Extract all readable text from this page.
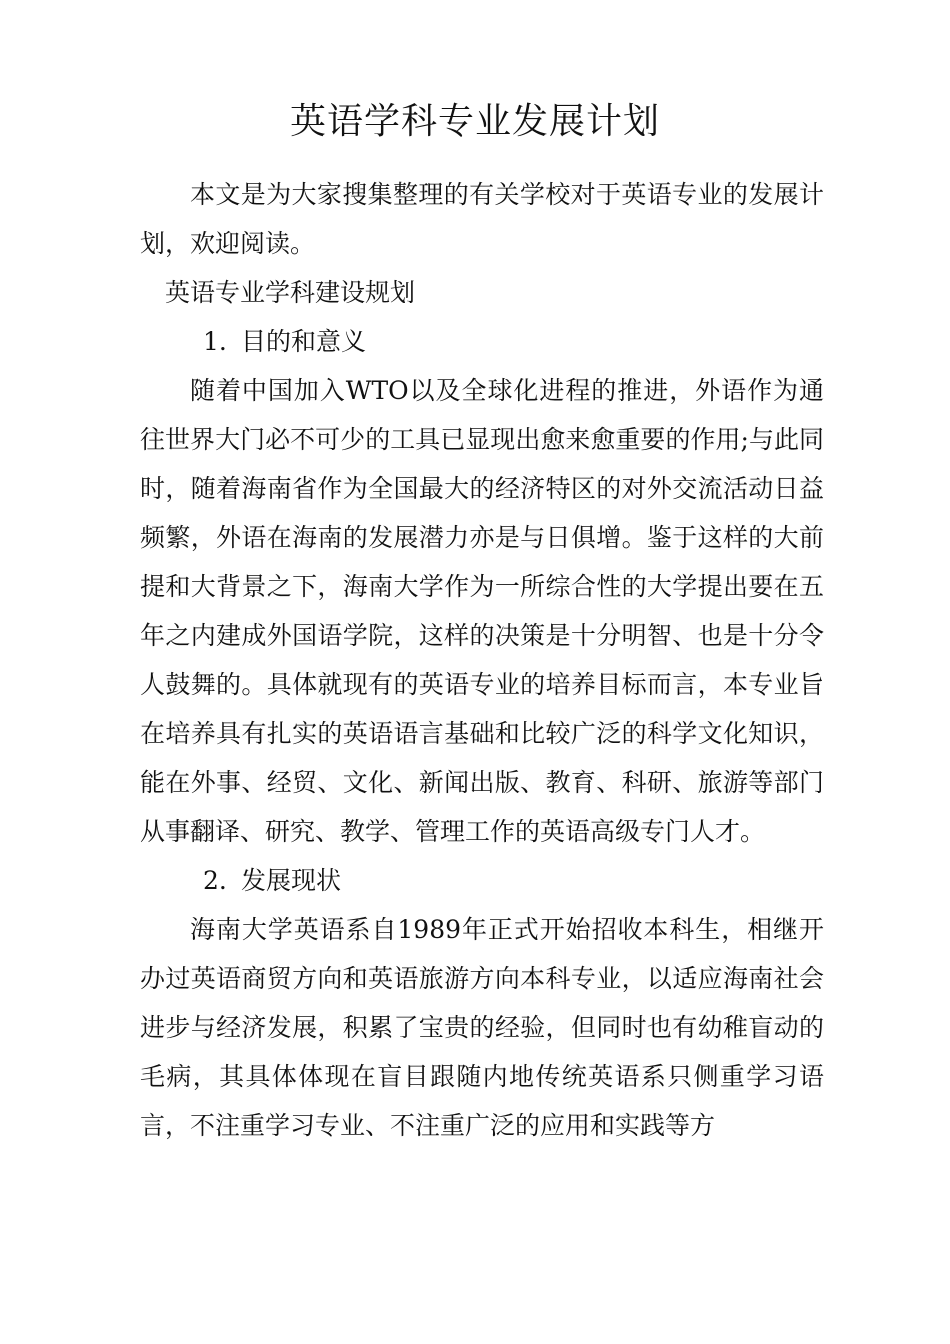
英语学科专业发展计划

本文是为大家搜集整理的有关学校对于英语专业的发展计划，欢迎阅读。

英语专业学科建设规划

1. 目的和意义

随着中国加入WTO以及全球化进程的推进，外语作为通往世界大门必不可少的工具已显现出愈来愈重要的作用;与此同时，随着海南省作为全国最大的经济特区的对外交流活动日益频繁，外语在海南的发展潜力亦是与日俱增。鉴于这样的大前提和大背景之下，海南大学作为一所综合性的大学提出要在五年之内建成外国语学院，这样的决策是十分明智、也是十分令人鼓舞的。具体就现有的英语专业的培养目标而言，本专业旨在培养具有扎实的英语语言基础和比较广泛的科学文化知识，能在外事、经贸、文化、新闻出版、教育、科研、旅游等部门从事翻译、研究、教学、管理工作的英语高级专门人才。

2. 发展现状

海南大学英语系自1989年正式开始招收本科生，相继开办过英语商贸方向和英语旅游方向本科专业，以适应海南社会进步与经济发展，积累了宝贵的经验，但同时也有幼稚盲动的毛病，其具体体现在盲目跟随内地传统英语系只侧重学习语言，不注重学习专业、不注重广泛的应用和实践等方
